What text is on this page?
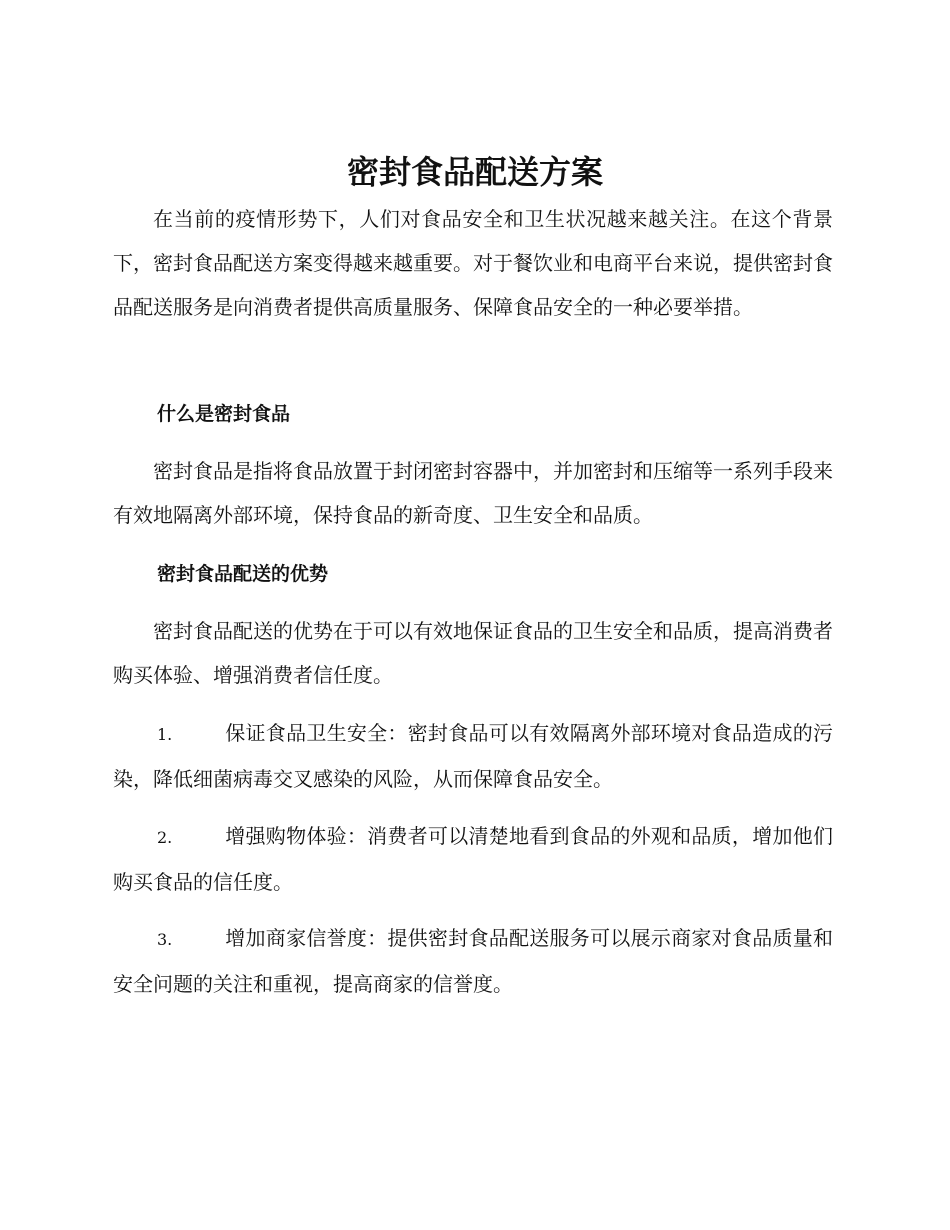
密封食品配送方案

在当前的疫情形势下，人们对食品安全和卫生状况越来越关注。在这个背景下，密封食品配送方案变得越来越重要。对于餐饮业和电商平台来说，提供密封食品配送服务是向消费者提供高质量服务、保障食品安全的一种必要举措。

什么是密封食品

密封食品是指将食品放置于封闭密封容器中，并加密封和压缩等一系列手段来有效地隔离外部环境，保持食品的新奇度、卫生安全和品质。

密封食品配送的优势

密封食品配送的优势在于可以有效地保证食品的卫生安全和品质，提高消费者购买体验、增强消费者信任度。

1.	保证食品卫生安全：密封食品可以有效隔离外部环境对食品造成的污染，降低细菌病毒交叉感染的风险，从而保障食品安全。

2.	增强购物体验：消费者可以清楚地看到食品的外观和品质，增加他们购买食品的信任度。

3.	增加商家信誉度：提供密封食品配送服务可以展示商家对食品质量和安全问题的关注和重视，提高商家的信誉度。
